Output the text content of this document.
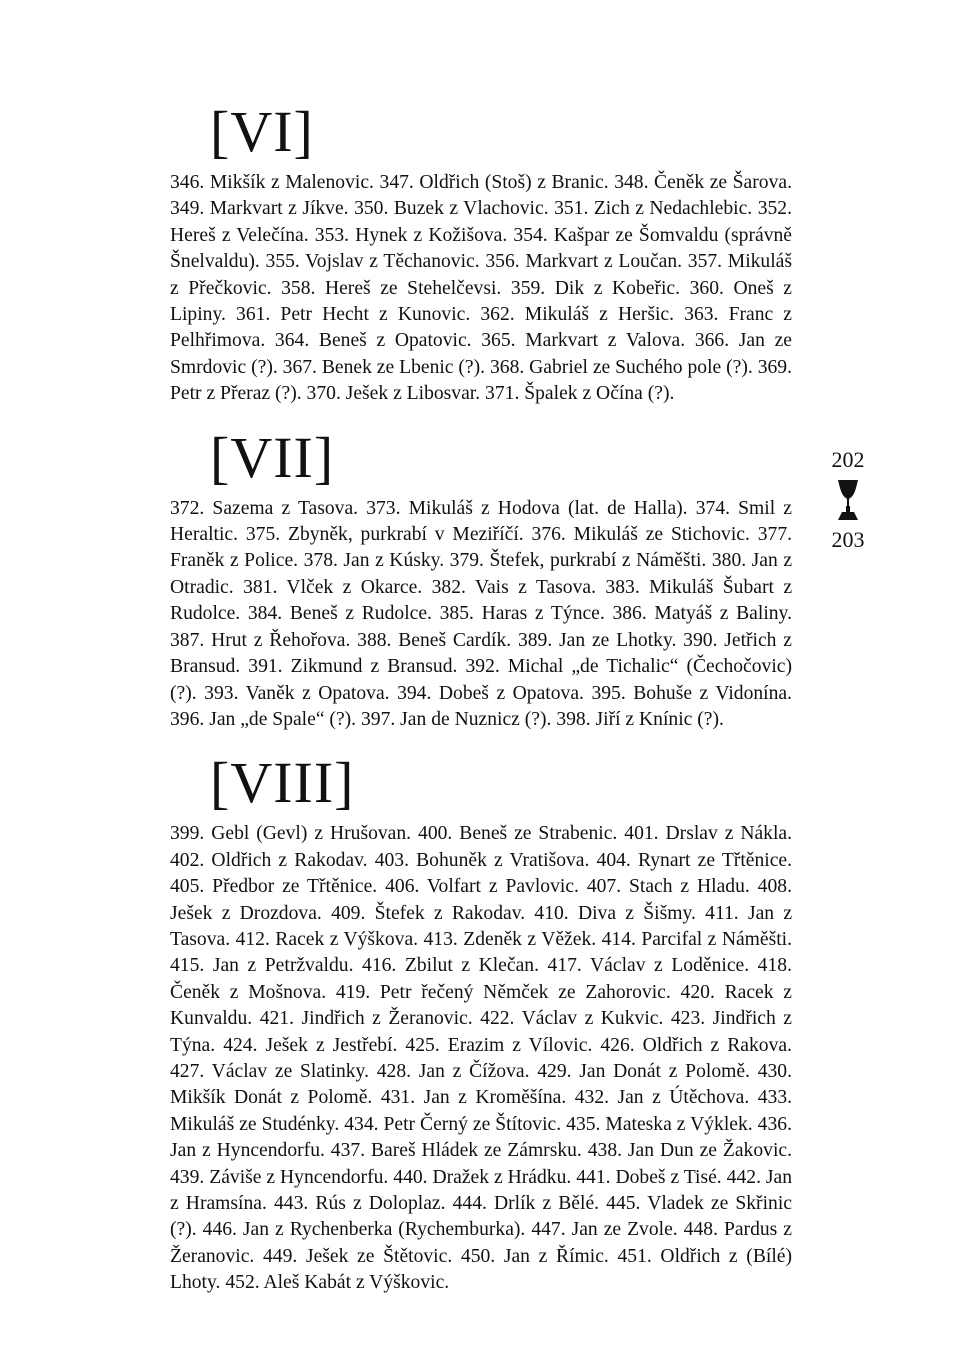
[VI]
346. Mikšík z Malenovic. 347. Oldřich (Stoš) z Branic. 348. Čeněk ze Šarova. 349. Markvart z Jíkve. 350. Buzek z Vlachovic. 351. Zich z Nedachlebic. 352. Hereš z Velečína. 353. Hynek z Kožišova. 354. Kašpar ze Šomvaldu (správně Šnelvaldu). 355. Vojslav z Těchanovic. 356. Markvart z Loučan. 357. Mikuláš z Přečkovic. 358. Hereš ze Stehelčevsi. 359. Dik z Kobeřic. 360. Oneš z Lipiny. 361. Petr Hecht z Kunovic. 362. Mikuláš z Heršic. 363. Franc z Pelhřimova. 364. Beneš z Opatovic. 365. Markvart z Valova. 366. Jan ze Smrdovic (?). 367. Benek ze Lbenic (?). 368. Gabriel ze Suchého pole (?). 369. Petr z Přeraz (?). 370. Ješek z Libosvar. 371. Špalek z Očína (?).
[VII]
372. Sazema z Tasova. 373. Mikuláš z Hodova (lat. de Halla). 374. Smil z Heraltic. 375. Zbyněk, purkrabí v Meziříčí. 376. Mikuláš ze Stichovic. 377. Franěk z Police. 378. Jan z Kúsky. 379. Štefek, purkrabí z Náměšti. 380. Jan z Otradic. 381. Vlček z Okarce. 382. Vais z Tasova. 383. Mikuláš Šubart z Rudolce. 384. Beneš z Rudolce. 385. Haras z Týnce. 386. Matyáš z Baliny. 387. Hrut z Řehořova. 388. Beneš Cardík. 389. Jan ze Lhotky. 390. Jetřich z Bransud. 391. Zikmund z Bransud. 392. Michal „de Tichalic“ (Čechočovic) (?). 393. Vaněk z Opatova. 394. Dobeš z Opatova. 395. Bohuše z Vidonína. 396. Jan „de Spale“ (?). 397. Jan de Nuznicz (?). 398. Jiří z Knínic (?).
[VIII]
399. Gebl (Gevl) z Hrušovan. 400. Beneš ze Strabenic. 401. Drslav z Nákla. 402. Oldřich z Rakodav. 403. Bohuněk z Vratišova. 404. Rynart ze Třtěnice. 405. Předbor ze Třtěnice. 406. Volfart z Pavlovic. 407. Stach z Hladu. 408. Ješek z Drozdova. 409. Štefek z Rakodav. 410. Diva z Šišmy. 411. Jan z Tasova. 412. Racek z Výškova. 413. Zdeněk z Věžek. 414. Parcifal z Náměšti. 415. Jan z Petržvaldu. 416. Zbilut z Klečan. 417. Václav z Loděnice. 418. Čeněk z Mošnova. 419. Petr řečený Němček ze Zahorovic. 420. Racek z Kunvaldu. 421. Jindřich z Žeranovic. 422. Václav z Kukvic. 423. Jindřich z Týna. 424. Ješek z Jestřebí. 425. Erazim z Vílovic. 426. Oldřich z Rakova. 427. Václav ze Slatinky. 428. Jan z Čížova. 429. Jan Donát z Polomě. 430. Mikšík Donát z Polomě. 431. Jan z Kroměšína. 432. Jan z Útěchova. 433. Mikuláš ze Studénky. 434. Petr Černý ze Štítovic. 435. Mateska z Výklek. 436. Jan z Hyncendorfu. 437. Bareš Hládek ze Zámrsku. 438. Jan Dun ze Žakovic. 439. Záviše z Hyncendorfu. 440. Dražek z Hrádku. 441. Dobeš z Tisé. 442. Jan z Hramsína. 443. Rús z Doloplaz. 444. Drlík z Bělé. 445. Vladek ze Skřinic (?). 446. Jan z Rychenberka (Rychemburka). 447. Jan ze Zvole. 448. Pardus z Žeranovic. 449. Ješek ze Štětovic. 450. Jan z Římic. 451. Oldřich z (Bílé) Lhoty. 452. Aleš Kabát z Výškovic.
202
203
